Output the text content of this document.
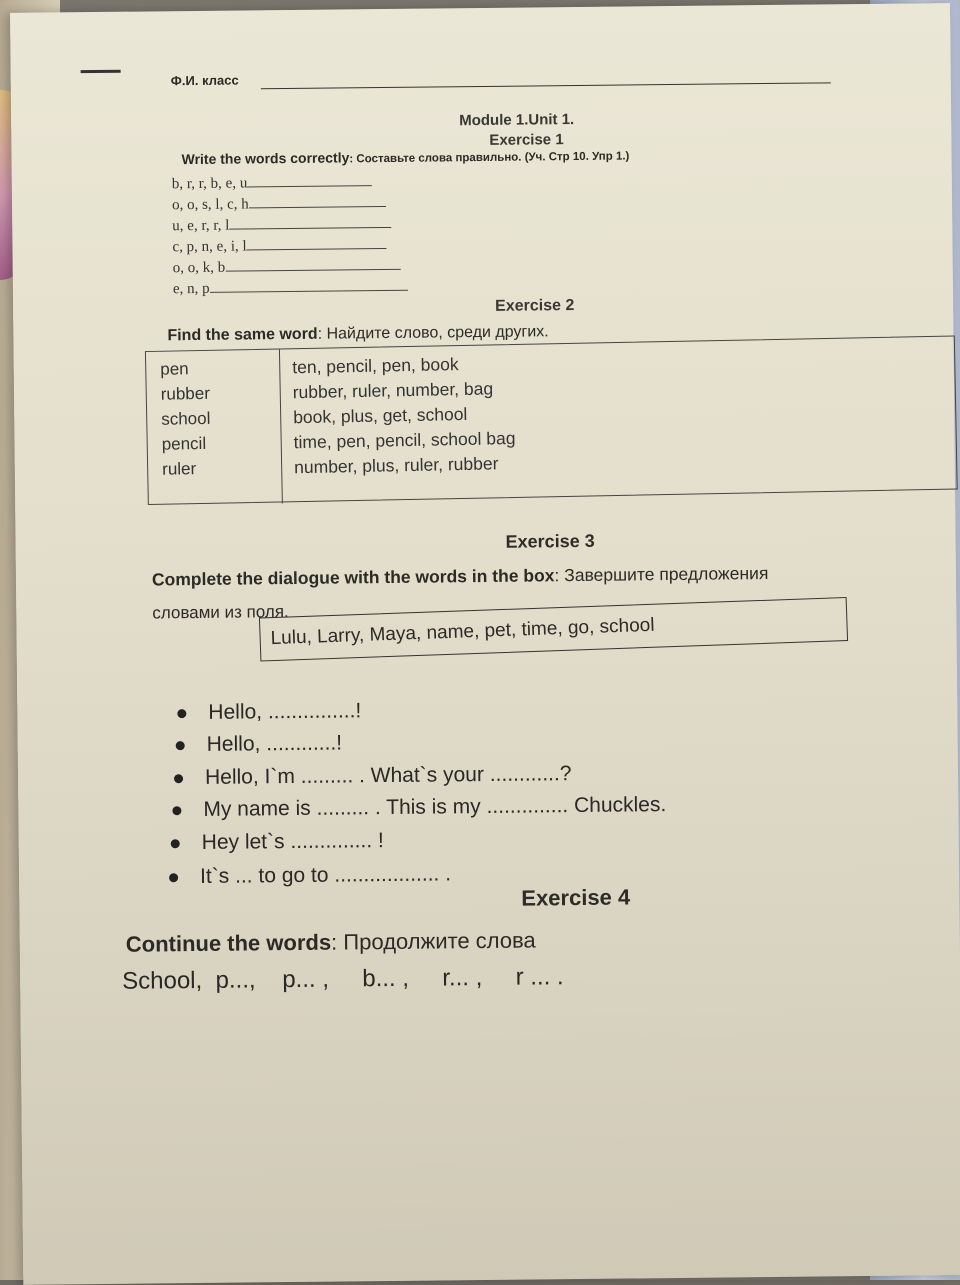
Ф.И. класс
Module 1.Unit 1.
Exercise 1
Write the words correctly: Составьте слова правильно. (Уч. Стр 10. Упр 1.)
b, r, r, b, e, u
o, o, s, l, c, h
u, e, r, r, l
c, p, n, e, i, l
o, o, k, b
e, n, p
Exercise 2
Find the same word: Найдите слово, среди других.
pen	ten, pencil, pen, book
rubber	rubber, ruler, number, bag
school	book, plus, get, school
pencil	time, pen, pencil, school bag
ruler	number, plus, ruler, rubber
Exercise 3
Complete the dialogue with the words in the box: Завершите предложения
словами из поля.
Lulu, Larry, Maya, name, pet, time, go, school
Hello, ...............!
Hello, ............!
Hello, I`m ......... . What`s your ............?
My name is ......... . This is my .............. Chuckles.
Hey let`s .............. !
It`s ... to go to .................. .
Exercise 4
Continue the words: Продолжите слова
School,  p...,    p... ,     b... ,     r... ,     r ... .
